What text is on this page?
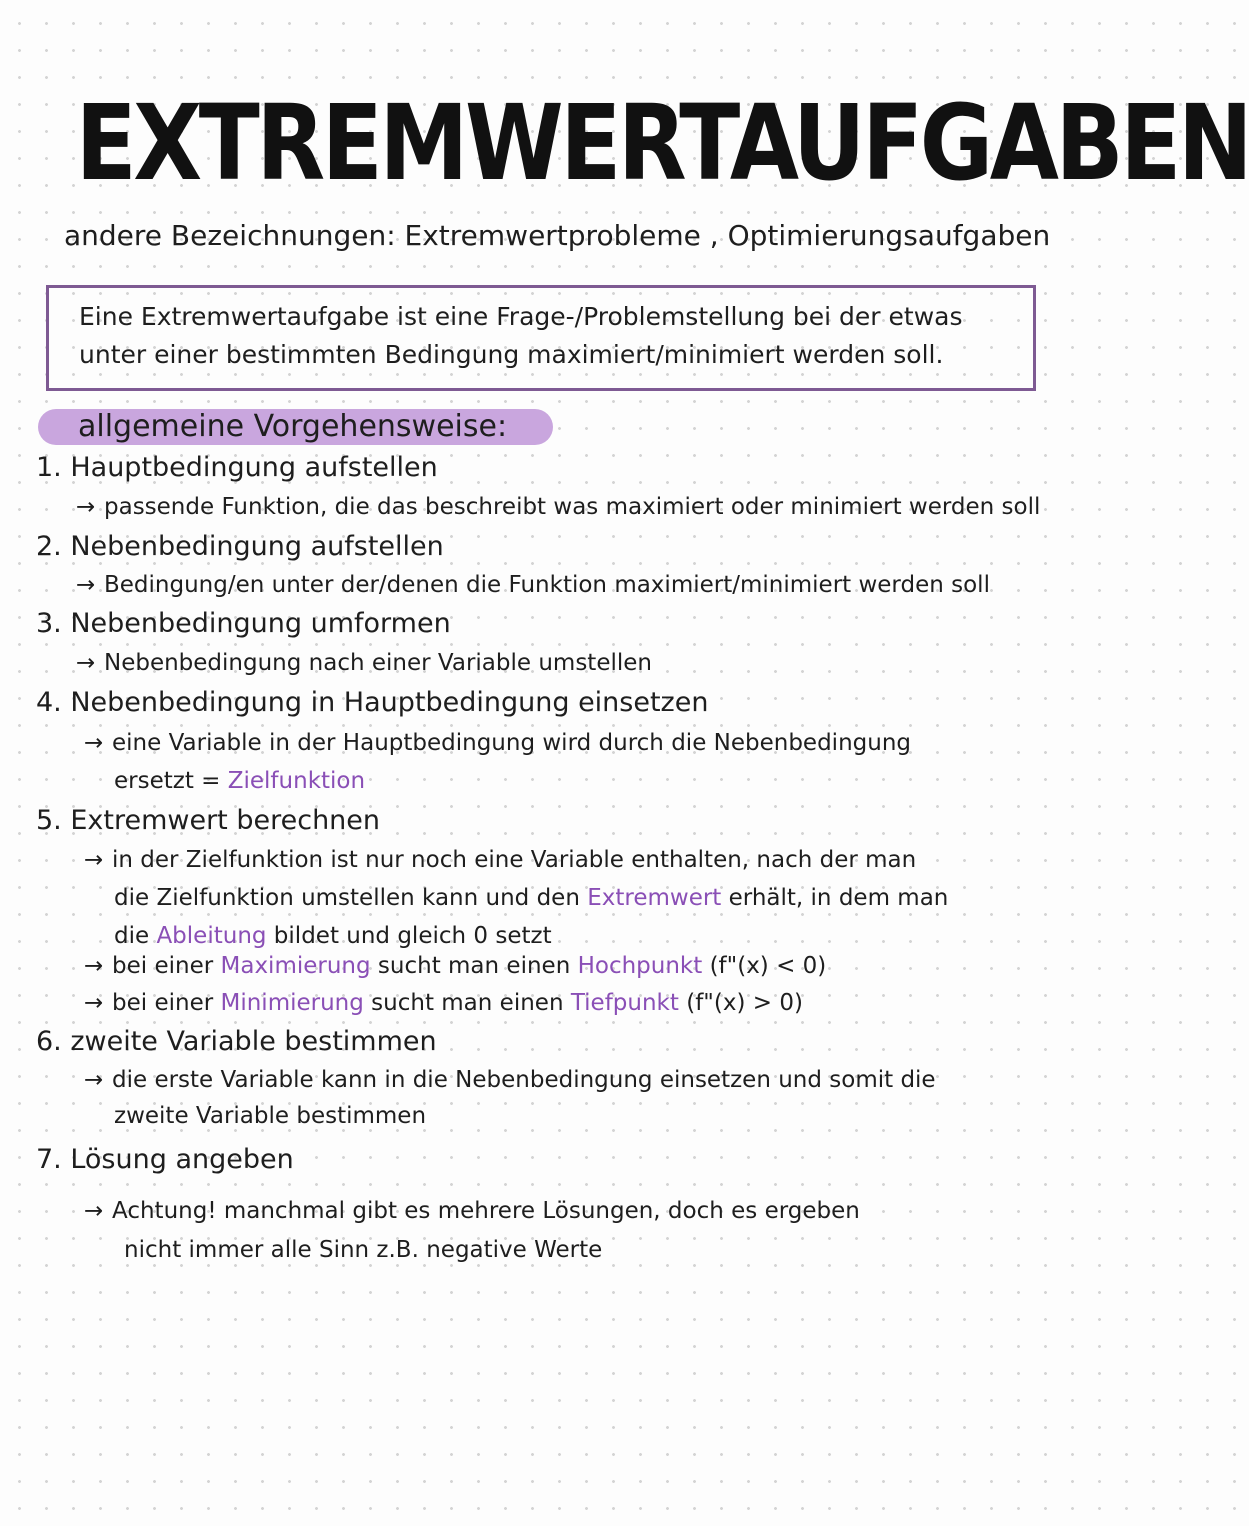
EXTREMWERTAUFGABEN
andere Bezeichnungen: Extremwertprobleme , Optimierungsaufgaben

Eine Extremwertaufgabe ist eine Frage-/Problemstellung bei der etwas

unter einer bestimmten Bedingung maximiert/minimiert werden soll.

allgemeine Vorgehensweise:
1. Hauptbedingung aufstellen
→ passende Funktion, die das beschreibt was maximiert oder minimiert werden soll
2. Nebenbedingung aufstellen
→ Bedingung/en unter der/denen die Funktion maximiert/minimiert werden soll
3. Nebenbedingung umformen
→ Nebenbedingung nach einer Variable umstellen
4. Nebenbedingung in Hauptbedingung einsetzen
→ eine Variable in der Hauptbedingung wird durch die Nebenbedingung
ersetzt = Zielfunktion
5. Extremwert berechnen
→ in der Zielfunktion ist nur noch eine Variable enthalten, nach der man
die Zielfunktion umstellen kann und den Extremwert erhält, in dem man
die Ableitung bildet und gleich 0 setzt
→ bei einer Maximierung sucht man einen Hochpunkt (f"(x) < 0)
→ bei einer Minimierung sucht man einen Tiefpunkt (f"(x) > 0)
6. zweite Variable bestimmen
→ die erste Variable kann in die Nebenbedingung einsetzen und somit die
zweite Variable bestimmen
7. Lösung angeben
→ Achtung! manchmal gibt es mehrere Lösungen, doch es ergeben
nicht immer alle Sinn z.B. negative Werte
